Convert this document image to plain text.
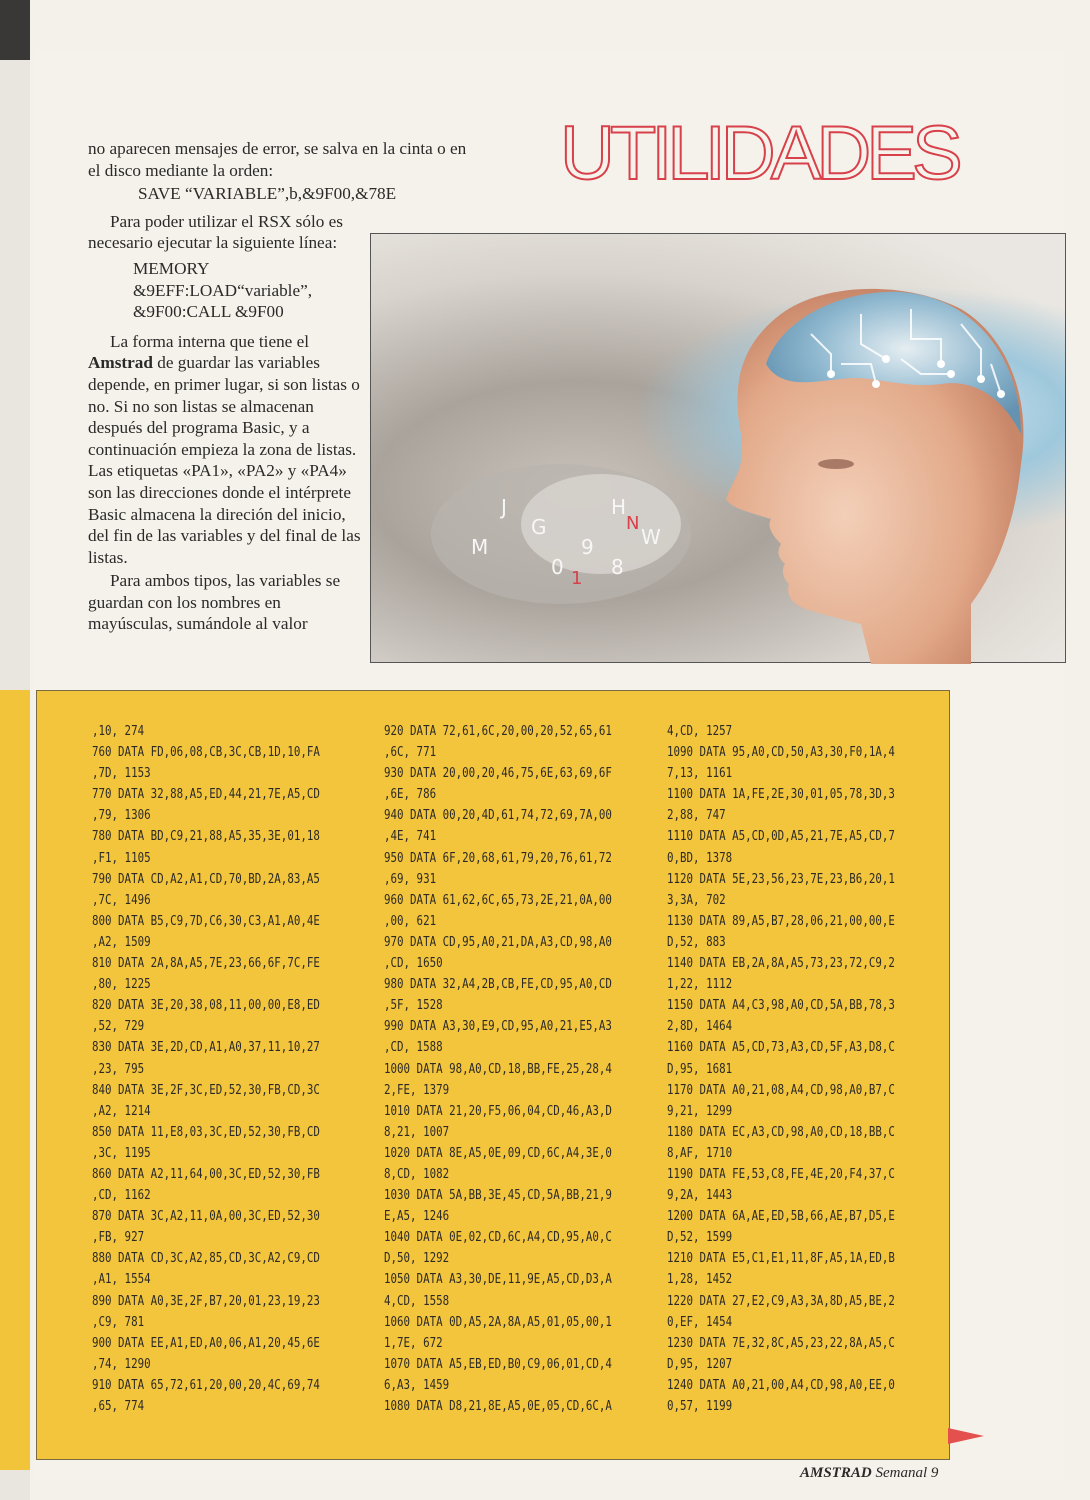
UTILIDADES

no aparecen mensajes de error, se salva en la cinta o en el disco mediante la orden:

SAVE “VARIABLE”,b,&9F00,&78E

Para poder utilizar el RSX sólo es necesario ejecutar la siguiente línea:

MEMORY
&9EFF:LOAD“variable”,
&9F00:CALL &9F00

La forma interna que tiene el Amstrad de guardar las variables depende, en primer lugar, si son listas o no. Si no son listas se almacenan después del programa Basic, y a continuación empieza la zona de listas. Las etiquetas «PA1», «PA2» y «PA4» son las direcciones donde el intérprete Basic almacena la direción del inicio, del fin de las variables y del final de las listas.

Para ambos tipos, las variables se guardan con los nombres en mayúsculas, sumándole al valor

H
W
9
0
G
8
J
M
N
1
,10, 274
760 DATA FD,06,08,CB,3C,CB,1D,10,FA
,7D, 1153
770 DATA 32,88,A5,ED,44,21,7E,A5,CD
,79, 1306
780 DATA BD,C9,21,88,A5,35,3E,01,18
,F1, 1105
790 DATA CD,A2,A1,CD,70,BD,2A,83,A5
,7C, 1496
800 DATA B5,C9,7D,C6,30,C3,A1,A0,4E
,A2, 1509
810 DATA 2A,8A,A5,7E,23,66,6F,7C,FE
,80, 1225
820 DATA 3E,20,38,08,11,00,00,E8,ED
,52, 729
830 DATA 3E,2D,CD,A1,A0,37,11,10,27
,23, 795
840 DATA 3E,2F,3C,ED,52,30,FB,CD,3C
,A2, 1214
850 DATA 11,E8,03,3C,ED,52,30,FB,CD
,3C, 1195
860 DATA A2,11,64,00,3C,ED,52,30,FB
,CD, 1162
870 DATA 3C,A2,11,0A,00,3C,ED,52,30
,FB, 927
880 DATA CD,3C,A2,85,CD,3C,A2,C9,CD
,A1, 1554
890 DATA A0,3E,2F,B7,20,01,23,19,23
,C9, 781
900 DATA EE,A1,ED,A0,06,A1,20,45,6E
,74, 1290
910 DATA 65,72,61,20,00,20,4C,69,74
,65, 774
920 DATA 72,61,6C,20,00,20,52,65,61
,6C, 771
930 DATA 20,00,20,46,75,6E,63,69,6F
,6E, 786
940 DATA 00,20,4D,61,74,72,69,7A,00
,4E, 741
950 DATA 6F,20,68,61,79,20,76,61,72
,69, 931
960 DATA 61,62,6C,65,73,2E,21,0A,00
,00, 621
970 DATA CD,95,A0,21,DA,A3,CD,98,A0
,CD, 1650
980 DATA 32,A4,2B,CB,FE,CD,95,A0,CD
,5F, 1528
990 DATA A3,30,E9,CD,95,A0,21,E5,A3
,CD, 1588
1000 DATA 98,A0,CD,18,BB,FE,25,28,4
2,FE, 1379
1010 DATA 21,20,F5,06,04,CD,46,A3,D
8,21, 1007
1020 DATA 8E,A5,0E,09,CD,6C,A4,3E,0
8,CD, 1082
1030 DATA 5A,BB,3E,45,CD,5A,BB,21,9
E,A5, 1246
1040 DATA 0E,02,CD,6C,A4,CD,95,A0,C
D,50, 1292
1050 DATA A3,30,DE,11,9E,A5,CD,D3,A
4,CD, 1558
1060 DATA 0D,A5,2A,8A,A5,01,05,00,1
1,7E, 672
1070 DATA A5,EB,ED,B0,C9,06,01,CD,4
6,A3, 1459
1080 DATA D8,21,8E,A5,0E,05,CD,6C,A
4,CD, 1257
1090 DATA 95,A0,CD,50,A3,30,F0,1A,4
7,13, 1161
1100 DATA 1A,FE,2E,30,01,05,78,3D,3
2,88, 747
1110 DATA A5,CD,0D,A5,21,7E,A5,CD,7
0,BD, 1378
1120 DATA 5E,23,56,23,7E,23,B6,20,1
3,3A, 702
1130 DATA 89,A5,B7,28,06,21,00,00,E
D,52, 883
1140 DATA EB,2A,8A,A5,73,23,72,C9,2
1,22, 1112
1150 DATA A4,C3,98,A0,CD,5A,BB,78,3
2,8D, 1464
1160 DATA A5,CD,73,A3,CD,5F,A3,D8,C
D,95, 1681
1170 DATA A0,21,08,A4,CD,98,A0,B7,C
9,21, 1299
1180 DATA EC,A3,CD,98,A0,CD,18,BB,C
8,AF, 1710
1190 DATA FE,53,C8,FE,4E,20,F4,37,C
9,2A, 1443
1200 DATA 6A,AE,ED,5B,66,AE,B7,D5,E
D,52, 1599
1210 DATA E5,C1,E1,11,8F,A5,1A,ED,B
1,28, 1452
1220 DATA 27,E2,C9,A3,3A,8D,A5,BE,2
0,EF, 1454
1230 DATA 7E,32,8C,A5,23,22,8A,A5,C
D,95, 1207
1240 DATA A0,21,00,A4,CD,98,A0,EE,0
0,57, 1199
AMSTRAD Semanal 9
